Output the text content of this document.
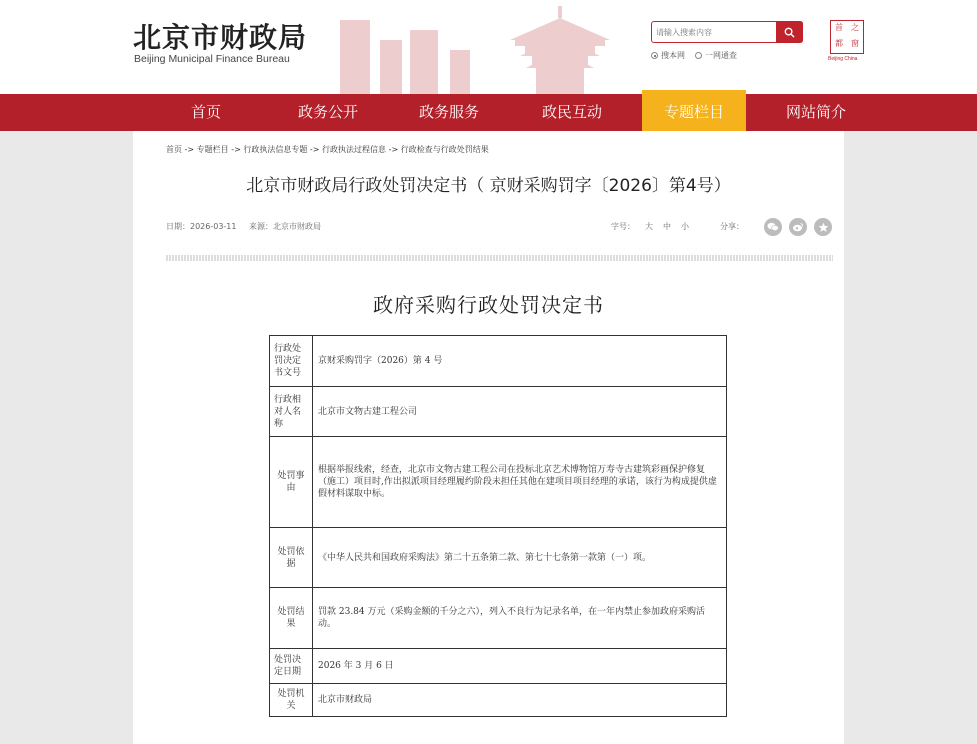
北京市财政局
Beijing Municipal Finance Bureau
请输入搜索内容	搜本网	一网通查
首	之
都	窗
Beijing China
首页	政务公开	政务服务	政民互动	专题栏目	网站简介
首页 -> 专题栏目 -> 行政执法信息专题 -> 行政执法过程信息 -> 行政检查与行政处罚结果
北京市财政局行政处罚决定书（ 京财采购罚字〔2026〕第4号）
日期：2026-03-11 来源：北京市财政局	字号： 大 中 小	分享：
政府采购行政处罚决定书
行政处罚决定书文号	京财采购罚字（2026）第 4 号
行政相对人名称	北京市文物古建工程公司
处罚事由	根据举报线索，经查，北京市文物古建工程公司在投标北京艺术博物馆万寿寺古建筑彩画保护修复（施工）项目时,作出拟派项目经理履约阶段未担任其他在建项目项目经理的承诺，该行为构成提供虚假材料谋取中标。
处罚依据	《中华人民共和国政府采购法》第二十五条第二款、第七十七条第一款第（一）项。
处罚结果	罚款 23.84 万元（采购金额的千分之六），列入不良行为记录名单，在一年内禁止参加政府采购活动。
处罚决定日期	2026 年 3 月 6 日
处罚机关	北京市财政局
